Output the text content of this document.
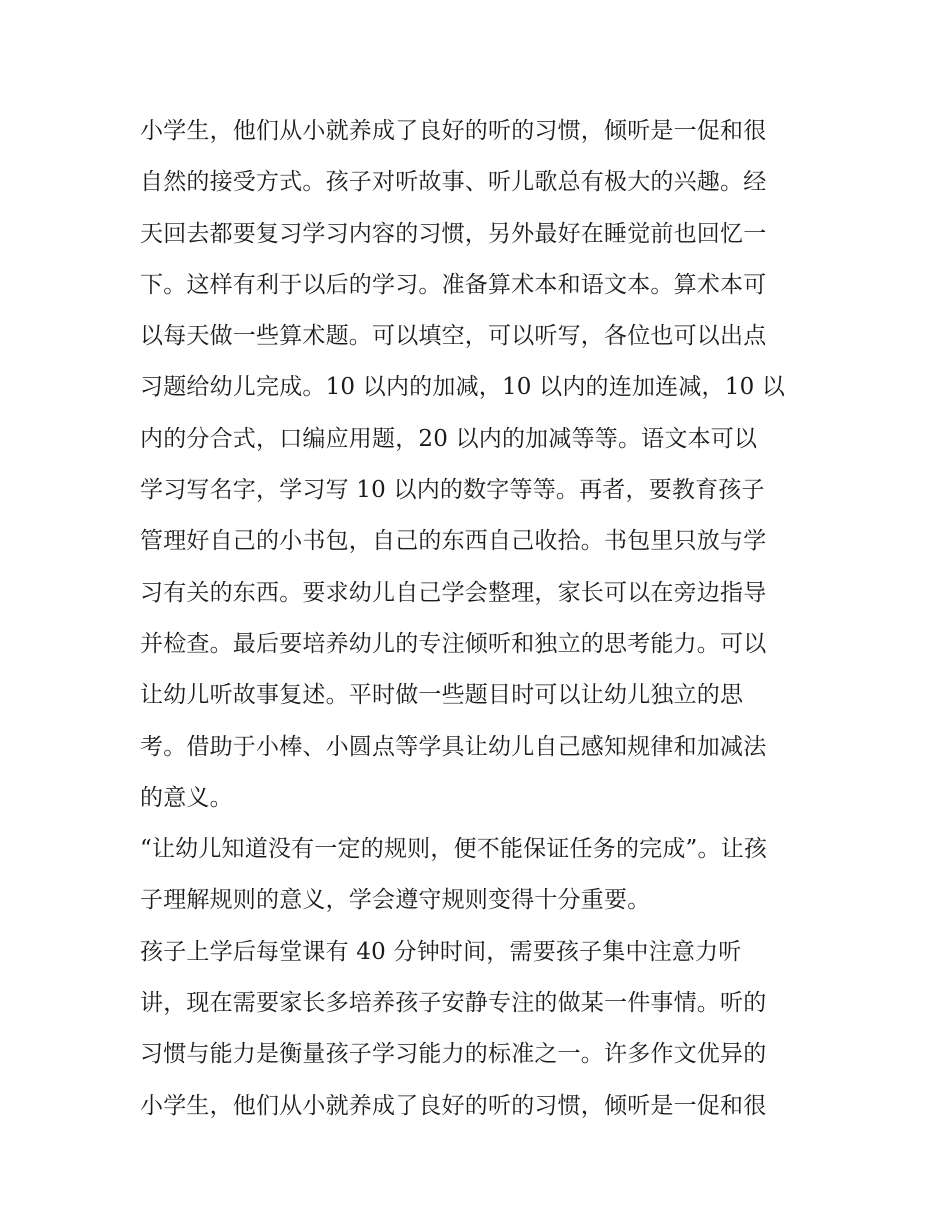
小学生，他们从小就养成了良好的听的习惯，倾听是一促和很
自然的接受方式。孩子对听故事、听儿歌总有极大的兴趣。经
天回去都要复习学习内容的习惯，另外最好在睡觉前也回忆一
下。这样有利于以后的学习。准备算术本和语文本。算术本可
以每天做一些算术题。可以填空，可以听写，各位也可以出点
习题给幼儿完成。10 以内的加减，10 以内的连加连减，10 以
内的分合式，口编应用题，20 以内的加减等等。语文本可以
学习写名字，学习写 10 以内的数字等等。再者，要教育孩子
管理好自己的小书包，自己的东西自己收拾。书包里只放与学
习有关的东西。要求幼儿自己学会整理，家长可以在旁边指导
并检查。最后要培养幼儿的专注倾听和独立的思考能力。可以
让幼儿听故事复述。平时做一些题目时可以让幼儿独立的思
考。借助于小棒、小圆点等学具让幼儿自己感知规律和加减法
的意义。
“让幼儿知道没有一定的规则，便不能保证任务的完成”。让孩
子理解规则的意义，学会遵守规则变得十分重要。
孩子上学后每堂课有 40 分钟时间，需要孩子集中注意力听
讲，现在需要家长多培养孩子安静专注的做某一件事情。听的
习惯与能力是衡量孩子学习能力的标准之一。许多作文优异的
小学生，他们从小就养成了良好的听的习惯，倾听是一促和很
